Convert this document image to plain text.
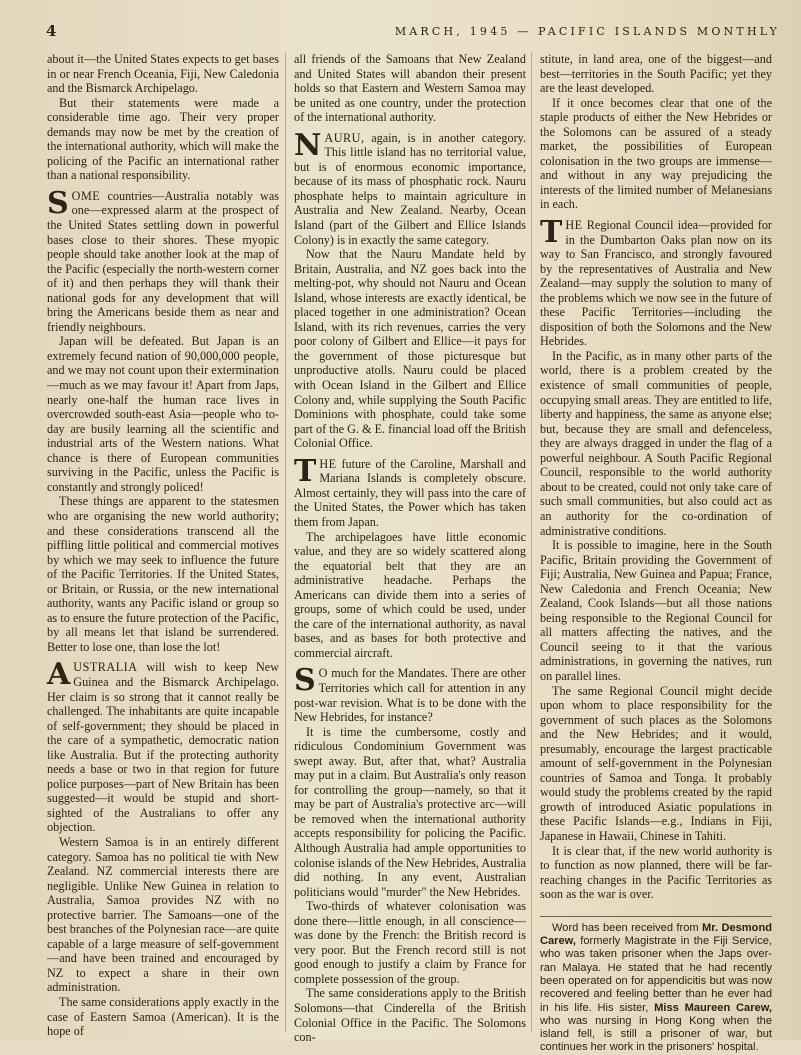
4	MARCH, 1945 — PACIFIC ISLANDS MONTHLY

about it—the United States expects to get bases in or near French Oceania, Fiji, New Caledonia and the Bismarck Archipelago.

But their statements were made a considerable time ago. Their very proper demands may now be met by the creation of the international authority, which will make the policing of the Pacific an international rather than a national responsibility.

SOME countries—Australia notably was one—expressed alarm at the prospect of the United States settling down in powerful bases close to their shores. These myopic people should take another look at the map of the Pacific (especially the north-western corner of it) and then perhaps they will thank their national gods for any development that will bring the Americans beside them as near and friendly neighbours.

Japan will be defeated. But Japan is an extremely fecund nation of 90,000,000 people, and we may not count upon their extermination—much as we may favour it! Apart from Japs, nearly one-half the human race lives in overcrowded south-east Asia—people who to-day are busily learning all the scientific and industrial arts of the Western nations. What chance is there of European communities surviving in the Pacific, unless the Pacific is constantly and strongly policed!

These things are apparent to the statesmen who are organising the new world authority; and these considerations transcend all the piffling little political and commercial motives by which we may seek to influence the future of the Pacific Territories. If the United States, or Britain, or Russia, or the new international authority, wants any Pacific island or group so as to ensure the future protection of the Pacific, by all means let that island be surrendered. Better to lose one, than lose the lot!

AUSTRALIA will wish to keep New Guinea and the Bismarck Archipelago. Her claim is so strong that it cannot really be challenged. The inhabitants are quite incapable of self-government; they should be placed in the care of a sympathetic, democratic nation like Australia. But if the protecting authority needs a base or two in that region for future police purposes—part of New Britain has been suggested—it would be stupid and short-sighted of the Australians to offer any objection.

Western Samoa is in an entirely different category. Samoa has no political tie with New Zealand. NZ commercial interests there are negligible. Unlike New Guinea in relation to Australia, Samoa provides NZ with no protective barrier. The Samoans—one of the best branches of the Polynesian race—are quite capable of a large measure of self-government—and have been trained and encouraged by NZ to expect a share in their own administration.

The same considerations apply exactly in the case of Eastern Samoa (American). It is the hope of

all friends of the Samoans that New Zealand and United States will abandon their present holds so that Eastern and Western Samoa may be united as one country, under the protection of the international authority.

NAURU, again, is in another category. This little island has no territorial value, but is of enormous economic importance, because of its mass of phosphatic rock. Nauru phosphate helps to maintain agriculture in Australia and New Zealand. Nearby, Ocean Island (part of the Gilbert and Ellice Islands Colony) is in exactly the same category.

Now that the Nauru Mandate held by Britain, Australia, and NZ goes back into the melting-pot, why should not Nauru and Ocean Island, whose interests are exactly identical, be placed together in one administration? Ocean Island, with its rich revenues, carries the very poor colony of Gilbert and Ellice—it pays for the government of those picturesque but unproductive atolls. Nauru could be placed with Ocean Island in the Gilbert and Ellice Colony and, while supplying the South Pacific Dominions with phosphate, could take some part of the G. & E. financial load off the British Colonial Office.

THE future of the Caroline, Marshall and Mariana Islands is completely obscure. Almost certainly, they will pass into the care of the United States, the Power which has taken them from Japan.

The archipelagoes have little economic value, and they are so widely scattered along the equatorial belt that they are an administrative headache. Perhaps the Americans can divide them into a series of groups, some of which could be used, under the care of the international authority, as naval bases, and as bases for both protective and commercial aircraft.

S O much for the Mandates. There are other Territories which call for attention in any post-war revision. What is to be done with the New Hebrides, for instance?

It is time the cumbersome, costly and ridiculous Condominium Government was swept away. But, after that, what? Australia may put in a claim. But Australia's only reason for controlling the group—namely, so that it may be part of Australia's protective arc—will be removed when the international authority accepts responsibility for policing the Pacific. Although Australia had ample opportunities to colonise islands of the New Hebrides, Australia did nothing. In any event, Australian politicians would "murder" the New Hebrides.

Two-thirds of whatever colonisation was done there—little enough, in all conscience—was done by the French: the British record is very poor. But the French record still is not good enough to justify a claim by France for complete possession of the group.

The same considerations apply to the British Solomons—that Cinderella of the British Colonial Office in the Pacific. The Solomons con-

stitute, in land area, one of the biggest—and best—territories in the South Pacific; yet they are the least developed.

If it once becomes clear that one of the staple products of either the New Hebrides or the Solomons can be assured of a steady market, the possibilities of European colonisation in the two groups are immense—and without in any way prejudicing the interests of the limited number of Melanesians in each.

THE Regional Council idea—provided for in the Dumbarton Oaks plan now on its way to San Francisco, and strongly favoured by the representatives of Australia and New Zealand—may supply the solution to many of the problems which we now see in the future of these Pacific Territories—including the disposition of both the Solomons and the New Hebrides.

In the Pacific, as in many other parts of the world, there is a problem created by the existence of small communities of people, occupying small areas. They are entitled to life, liberty and happiness, the same as anyone else; but, because they are small and defenceless, they are always dragged in under the flag of a powerful neighbour. A South Pacific Regional Council, responsible to the world authority about to be created, could not only take care of such small communities, but also could act as an authority for the co-ordination of administrative conditions.

It is possible to imagine, here in the South Pacific, Britain providing the Government of Fiji; Australia, New Guinea and Papua; France, New Caledonia and French Oceania; New Zealand, Cook Islands—but all those nations being responsible to the Regional Council for all matters affecting the natives, and the Council seeing to it that the various administrations, in governing the natives, run on parallel lines.

The same Regional Council might decide upon whom to place responsibility for the government of such places as the Solomons and the New Hebrides; and it would, presumably, encourage the largest practicable amount of self-government in the Polynesian countries of Samoa and Tonga. It probably would study the problems created by the rapid growth of introduced Asiatic populations in these Pacific Islands—e.g., Indians in Fiji, Japanese in Hawaii, Chinese in Tahiti.

It is clear that, if the new world authority is to function as now planned, there will be far-reaching changes in the Pacific Territories as soon as the war is over.

Word has been received from Mr. Desmond Carew, formerly Magistrate in the Fiji Service, who was taken prisoner when the Japs over-ran Malaya. He stated that he had recently been operated on for appendicitis but was now recovered and feeling better than he ever had in his life. His sister, Miss Maureen Carew, who was nursing in Hong Kong when the island fell, is still a prisoner of war, but continues her work in the prisoners' hospital.
